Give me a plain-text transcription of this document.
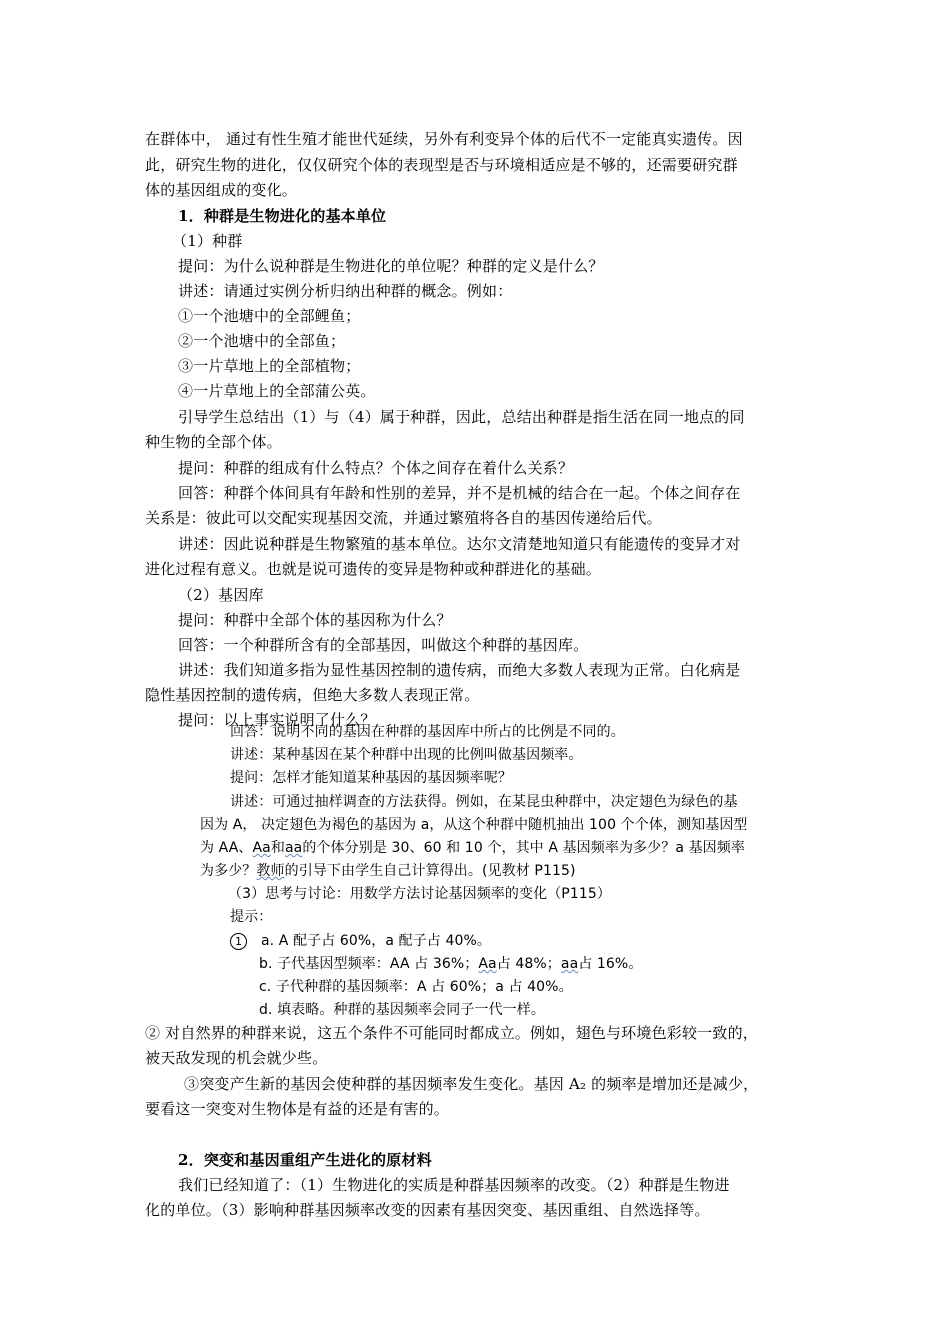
在群体中， 通过有性生殖才能世代延续，另外有利变异个体的后代不一定能真实遗传。因
此，研究生物的进化，仅仅研究个体的表现型是否与环境相适应是不够的，还需要研究群
体的基因组成的变化。
1．种群是生物进化的基本单位
（1）种群
提问：为什么说种群是生物进化的单位呢？种群的定义是什么？
讲述：请通过实例分析归纳出种群的概念。例如：
①一个池塘中的全部鲤鱼；
②一个池塘中的全部鱼；
③一片草地上的全部植物；
④一片草地上的全部蒲公英。
引导学生总结出（1）与（4）属于种群，因此，总结出种群是指生活在同一地点的同
种生物的全部个体。
提问：种群的组成有什么特点？个体之间存在着什么关系？
回答：种群个体间具有年龄和性别的差异，并不是机械的结合在一起。个体之间存在
关系是：彼此可以交配实现基因交流，并通过繁殖将各自的基因传递给后代。
讲述：因此说种群是生物繁殖的基本单位。达尔文清楚地知道只有能遗传的变异才对
进化过程有意义。也就是说可遗传的变异是物种或种群进化的基础。
（2）基因库
提问：种群中全部个体的基因称为什么？
回答：一个种群所含有的全部基因，叫做这个种群的基因库。
讲述：我们知道多指为显性基因控制的遗传病，而绝大多数人表现为正常。白化病是
隐性基因控制的遗传病，但绝大多数人表现正常。
提问：以上事实说明了什么？
回答：说明不同的基因在种群的基因库中所占的比例是不同的。
讲述：某种基因在某个种群中出现的比例叫做基因频率。
提问：怎样才能知道某种基因的基因频率呢？
讲述：可通过抽样调查的方法获得。例如，在某昆虫种群中，决定翅色为绿色的基
因为 A， 决定翅色为褐色的基因为 a，从这个种群中随机抽出 100 个个体，测知基因型
为 AA、Aa和aa的个体分别是 30、60 和 10 个，其中 A 基因频率为多少？a 基因频率
为多少？教师的引导下由学生自己计算得出。(见教材 P115)
（3）思考与讨论：用数学方法讨论基因频率的变化（P115）
提示：
1 a. A 配子占 60%，a 配子占 40%。
b. 子代基因型频率：AA 占 36%；Aa占 48%；aa占 16%。
c. 子代种群的基因频率：A 占 60%；a 占 40%。
d. 填表略。种群的基因频率会同子一代一样。
② 对自然界的种群来说，这五个条件不可能同时都成立。例如，翅色与环境色彩较一致的，
被天敌发现的机会就少些。
③突变产生新的基因会使种群的基因频率发生变化。基因 A₂ 的频率是增加还是减少，
要看这一突变对生物体是有益的还是有害的。
2．突变和基因重组产生进化的原材料
我们已经知道了：（1）生物进化的实质是种群基因频率的改变。（2）种群是生物进
化的单位。（3）影响种群基因频率改变的因素有基因突变、基因重组、自然选择等。
